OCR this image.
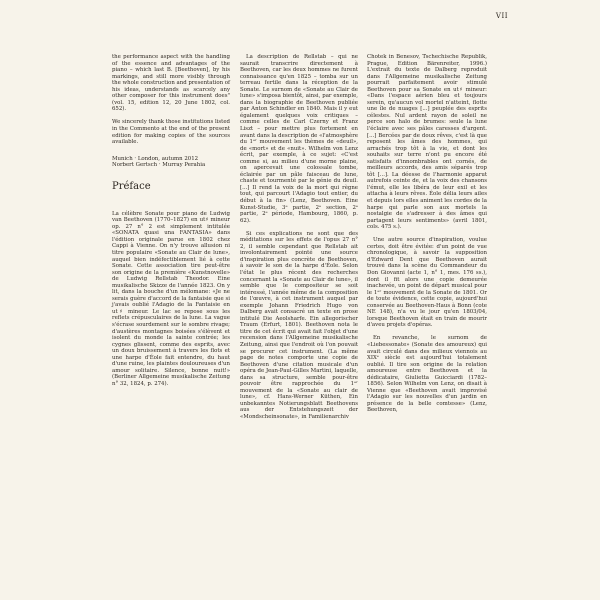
VII

the performance aspect with the handling of the essence and advantages of the piano – which last B. [Beethoven], by his markings, and still more visibly through the whole construction and presentation of his ideas, understands as scarcely any other composer for this instrument does" (vol. 15, edition 12, 20 June 1802, col. 652).

We sincerely thank those institutions listed in the Commento at the end of the present edition for making copies of the sources available.

Munich · London, autumn 2012
Norbert Gertsch · Murray Perahia
Préface

La célèbre Sonate pour piano de Ludwig van Beethoven (1770–1827) en ut♯ mineur op. 27 n° 2 est simplement intitulée «SONATA quasi una FANTASIA» dans l'édition originale parue en 1802 chez Cappi à Vienne. On n'y trouve allusion ni titre populaire «Sonate au Clair de lune», auquel bien indéfectiblement lié à cette Sonate. Cette association tire peut-être son origine de la première «Kunstnovelle» de Ludwig Rellstab Theodor. Eine musikalische Skizze de l'année 1823. On y lit, dans la bouche d'un mélomane: «Je ne serais guère d'accord de la fantaisie que si j'avais oublié l'Adagio de la Fantaisie en ut♯ mineur. Le lac se repose sous les reflets crépusculaires de la lune. La vague s'écrase sourdement sur le sombre rivage; d'austères montagnes boisées s'élèvent et isolent du monde la sainte contrée; les cygnes glissent, comme des esprits, avec un doux bruissement à travers les flots et une harpe d'Éole fait entendre, du haut d'une ruine, les plaintes douloureuses d'un amour solitaire. Silence, bonne nuit!» (Berliner Allgemeine musikalische Zeitung n° 32, 1824, p. 274).

La description de Rellstab – qui ne saurait transcrire directement à Beethoven, car les deux hommes ne furent connaissance qu'en 1825 – tomba sur un terreau fertile dans la réception de la Sonate. Le surnom de «Sonate au Clair de lune» s'imposa bientôt, ainsi, par exemple, dans la biographie de Beethoven publiée par Anton Schindler en 1840. Mais il y eut également quelques voix critiques – comme celles de Carl Czerny et Franz Liszt – pour mettre plus fortement en avant dans la description de «l'atmosphère du 1ᵉʳ mouvement les thèmes de «deuil», de «mort» et de «nuit». Wilhelm von Lenz écrit, par exemple, à ce sujet: «C'est comme si, au milieu d'une morne plaine, on apercevait une colossale tombe, éclairée par un pâle faisceau de lune, chaste et tourmenté par le génie du deuil. [...] Il rend la voix de la mort qui règne tout, qui parcourt l'Adagio tout entier, du début à la fin» (Lenz, Beethoven. Eine Kunst-Studie, 3ᵉ partie, 2ᵉ section, 2ᵉ partie, 2ᵉ période, Hambourg, 1860, p. 62).

Si ces explications ne sont que des méditations sur les effets de l'opus 27 n° 2, il semble cependant que Rellstab ait involontairement pointé une source d'inspiration plus concrète de Beethoven, à savoir le son de la harpe d'Éole. Selon l'état le plus récent des recherches concernant la «Sonate au Clair de lune», il semble que le compositeur se soit intéressé, l'année même de la composition de l'œuvre, à cet instrument auquel par exemple Johann Friedrich Hugo von Dalberg avait consacré un texte en prose intitulé Die Aeolsharfe. Ein allegorischer Traum (Erfurt, 1801). Beethoven nota le titre de cet écrit qui avait fait l'objet d'une recension dans l'Allgemeine musikalische Zeitung, ainsi que l'endroit où l'on pouvait se procurer cet instrument. (La même page de notes comporte une copie de Beethoven d'une citation musicale d'un opéra de Jean-Paul-Gilles Martini, laquelle, dans sa structure, semble pour-être pouvoir être rapprochée du 1ᵉʳ mouvement de la «Sonate au clair de lune», cf. Hans-Werner Küthen, Ein unbekanntes Notierungsblatt Beethovens aus der Entstehungszeit der «Mondscheinsonate», in Familienarchiv

Chotek in Benesov, Tschechische Republik, Prague, Edition Bärenreiter, 1996.) L'extrait du texte de Dalberg reproduit dans l'Allgemeine musikalische Zeitung pourrait parfaitement avoir stimulé Beethoven pour sa Sonate en ut♯ mineur: «Dans l'espace aérien bleu et toujours serein, qu'aucun vol mortel n'atteint, flotte une île de nuages [...] peuplée des esprits célestes. Nul ardent rayon de soleil ne perce son halo de brumes: seule la lune l'éclaire avec ses pâles caresses d'argent. [...] Bercées par de doux rêves, c'est là que reposent les âmes des hommes, qui arrachés trop tôt à la vie, et dont les souhaits sur terre n'ont pu encore été satisfaits d'innombrables ont cornés, de meilleurs accords, des amis séparés trop tôt [...]. La déesse de l'harmonie apparut autrefois ceinte de, et la voix des chansons l'émut, elle les libéra de leur exil et les attacha à leurs rêves. Éole délia leurs ailes et depuis lors elles animent les cordes de la harpe qui parle son aux mortels la nostalgie de s'adresser à des âmes qui partagent leurs sentiments» (avril 1801, cols. 475 s.).

Une autre source d'inspiration, voulue certes, doit être évitée: d'un point de vue chronologique, à savoir la supposition d'Edward Dent que Beethoven aurait trouvé dans la scène du Commandeur du Don Giovanni (acte 1, n° 1, mes. 176 ss.), dont il fit alors une copie demeurée inachevée, un point de départ musical pour le 1ᵉʳ mouvement de la Sonate de 1801. Or de toute évidence, cette copie, aujourd'hui conservée au Beethoven-Haus à Bonn (cote NE 148), n'a vu le jour qu'en 1803/04, lorsque Beethoven était en train de mourir d'aveu projets d'opéras.

En revanche, le surnom de «Liebessonate» (Sonate des amoureux) qui avait circulé dans des milieux viennois au XIXᵉ siècle est aujourd'hui totalement oublié. Il tire son origine de la relation amoureuse entre Beethoven et la dédicataire, Giulietta Guicciardi (1782–1856). Selon Wilhelm von Lenz, on disait à Vienne que «Beethoven avait improvisé l'Adagio sur les nouvelles d'un jardin en présence de la belle comtesse» (Lenz, Beethoven,
